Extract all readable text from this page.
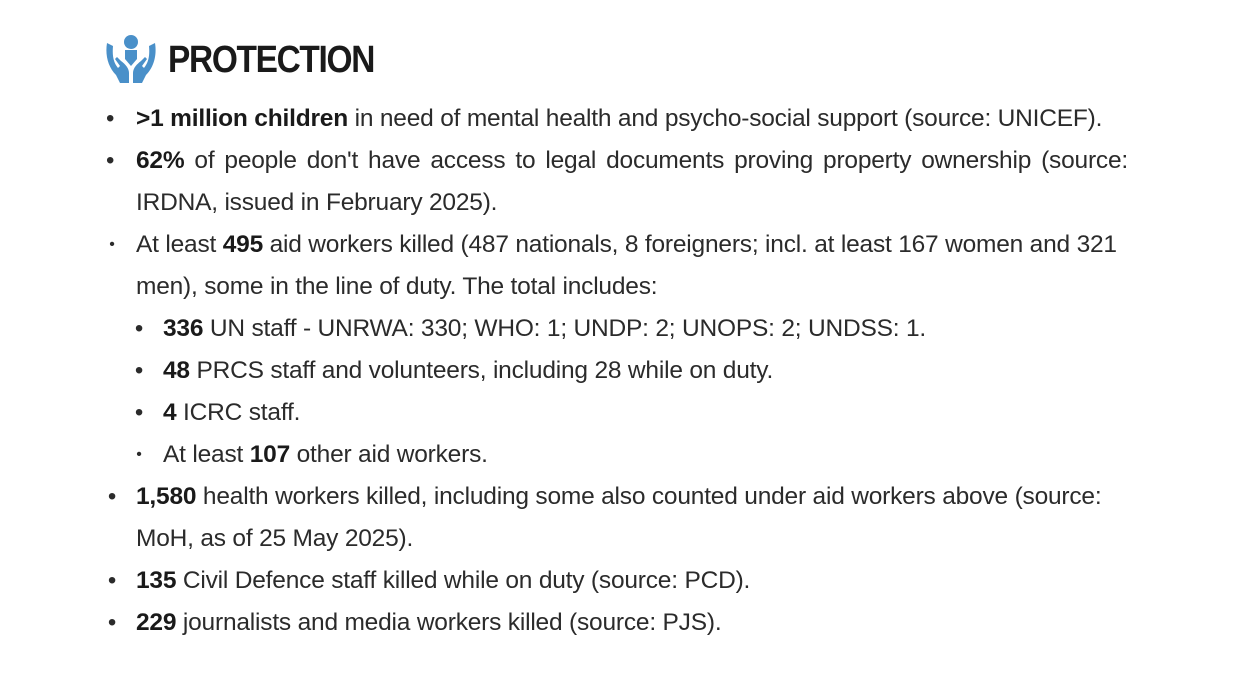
PROTECTION
• >1 million children in need of mental health and psycho-social support (source: UNICEF).
• 62% of people don't have access to legal documents proving property ownership (source: IRDNA, issued in February 2025).
• At least 495 aid workers killed (487 nationals, 8 foreigners; incl. at least 167 women and 321 men), some in the line of duty. The total includes:
• 336 UN staff - UNRWA: 330; WHO: 1; UNDP: 2; UNOPS: 2; UNDSS: 1.
• 48 PRCS staff and volunteers, including 28 while on duty.
• 4 ICRC staff.
• At least 107 other aid workers.
• 1,580 health workers killed, including some also counted under aid workers above (source: MoH, as of 25 May 2025).
• 135 Civil Defence staff killed while on duty (source: PCD).
• 229 journalists and media workers killed (source: PJS).
